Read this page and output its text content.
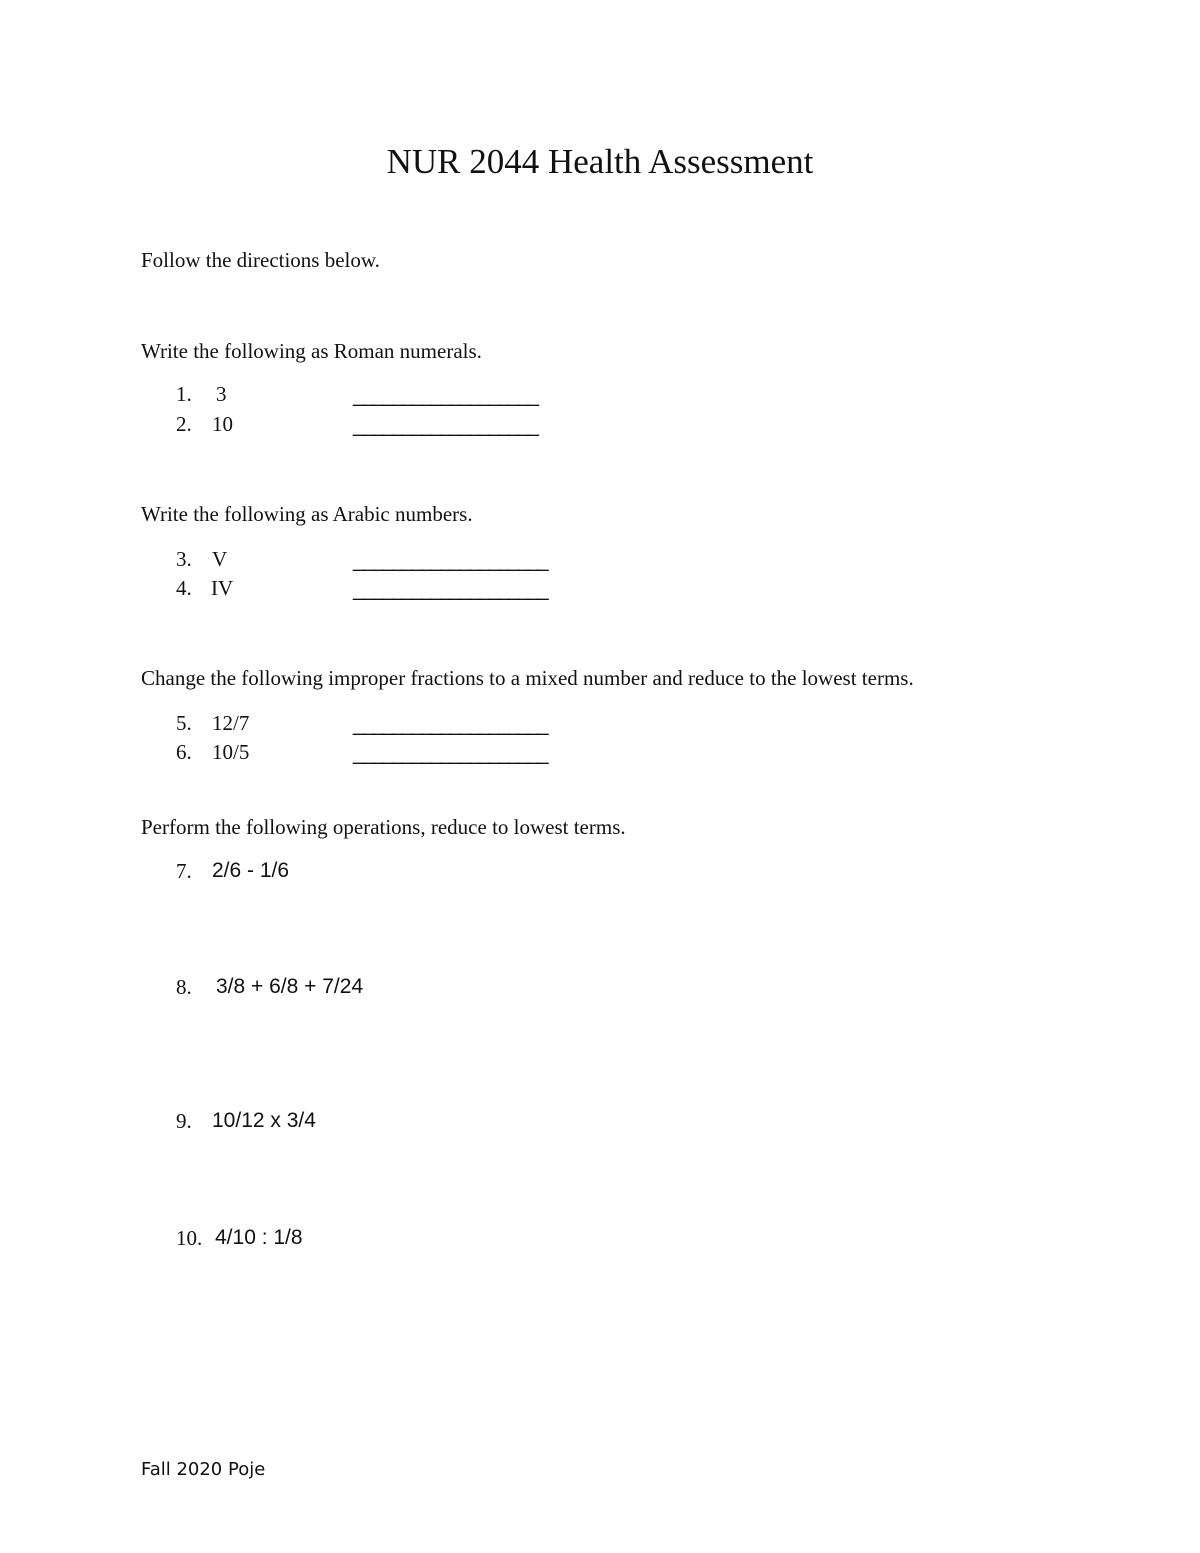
NUR 2044 Health Assessment
Follow the directions below.
Write the following as Roman numerals.
1. 3	___________________
2. 10	___________________
Write the following as Arabic numbers.
3. V	____________________
4. IV	____________________
Change the following improper fractions to a mixed number and reduce to the lowest terms.
5. 12/7	____________________
6. 10/5	____________________
Perform the following operations, reduce to lowest terms.
7. 2/6 - 1/6
8. 3/8 + 6/8 + 7/24
9. 10/12 x 3/4
10. 4/10 : 1/8
Fall 2020 Poje
